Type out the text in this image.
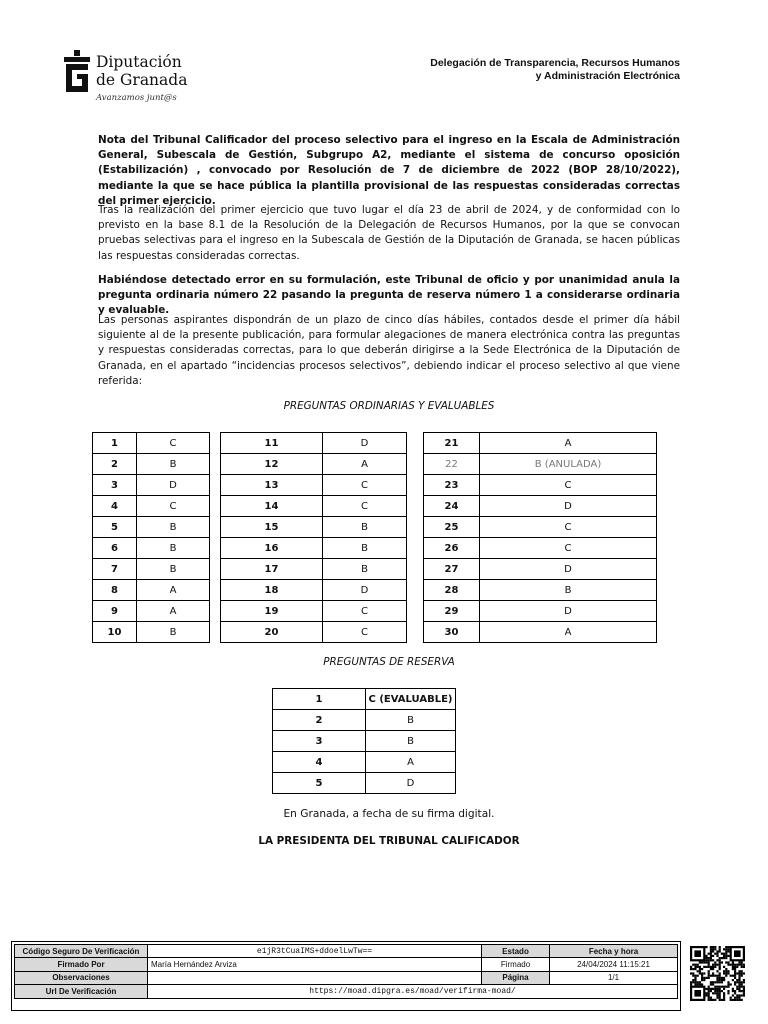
Diputación
de Granada
Avanzamos junt@s
Delegación de Transparencia, Recursos Humanos
y Administración Electrónica

Nota del Tribunal Calificador del proceso selectivo para el ingreso en la Escala de Administración General, Subescala de Gestión, Subgrupo A2, mediante el sistema de concurso oposición (Estabilización) , convocado por Resolución de 7 de diciembre de 2022 (BOP 28/10/2022), mediante la que se hace pública la plantilla provisional de las respuestas consideradas correctas del primer ejercicio.

Tras la realización del primer ejercicio que tuvo lugar el día 23 de abril de 2024, y de conformidad con lo previsto en la base 8.1 de la Resolución de la Delegación de Recursos Humanos, por la que se convocan pruebas selectivas para el ingreso en la Subescala de Gestión de la Diputación de Granada, se hacen públicas las respuestas consideradas correctas.

Habiéndose detectado error en su formulación, este Tribunal de oficio y por unanimidad anula la pregunta ordinaria número 22 pasando la pregunta de reserva número 1 a considerarse ordinaria y evaluable.

Las personas aspirantes dispondrán de un plazo de cinco días hábiles, contados desde el primer día hábil siguiente al de la presente publicación, para formular alegaciones de manera electrónica contra las preguntas y respuestas consideradas correctas, para lo que deberán dirigirse a la Sede Electrónica de la Diputación de Granada, en el apartado “incidencias procesos selectivos”, debiendo indicar el proceso selectivo al que viene referida:

PREGUNTAS ORDINARIAS Y EVALUABLES
1	C
2	B
3	D
4	C
5	B
6	B
7	B
8	A
9	A
10	B
11	D
12	A
13	C
14	C
15	B
16	B
17	B
18	D
19	C
20	C
21	A
22	B (ANULADA)
23	C
24	D
25	C
26	C
27	D
28	B
29	D
30	A
PREGUNTAS DE RESERVA
1	C (EVALUABLE)
2	B
3	B
4	A
5	D
En Granada, a fecha de su firma digital.
LA PRESIDENTA DEL TRIBUNAL CALIFICADOR
Código Seguro De Verificación	e1jR3tCuaIMS+ddoelLwTw==	Estado	Fecha y hora
Firmado Por	María Hernández Arviza	Firmado	24/04/2024 11:15:21
Observaciones		Página	1/1
Url De Verificación	https://moad.dipgra.es/moad/verifirma-moad/		
